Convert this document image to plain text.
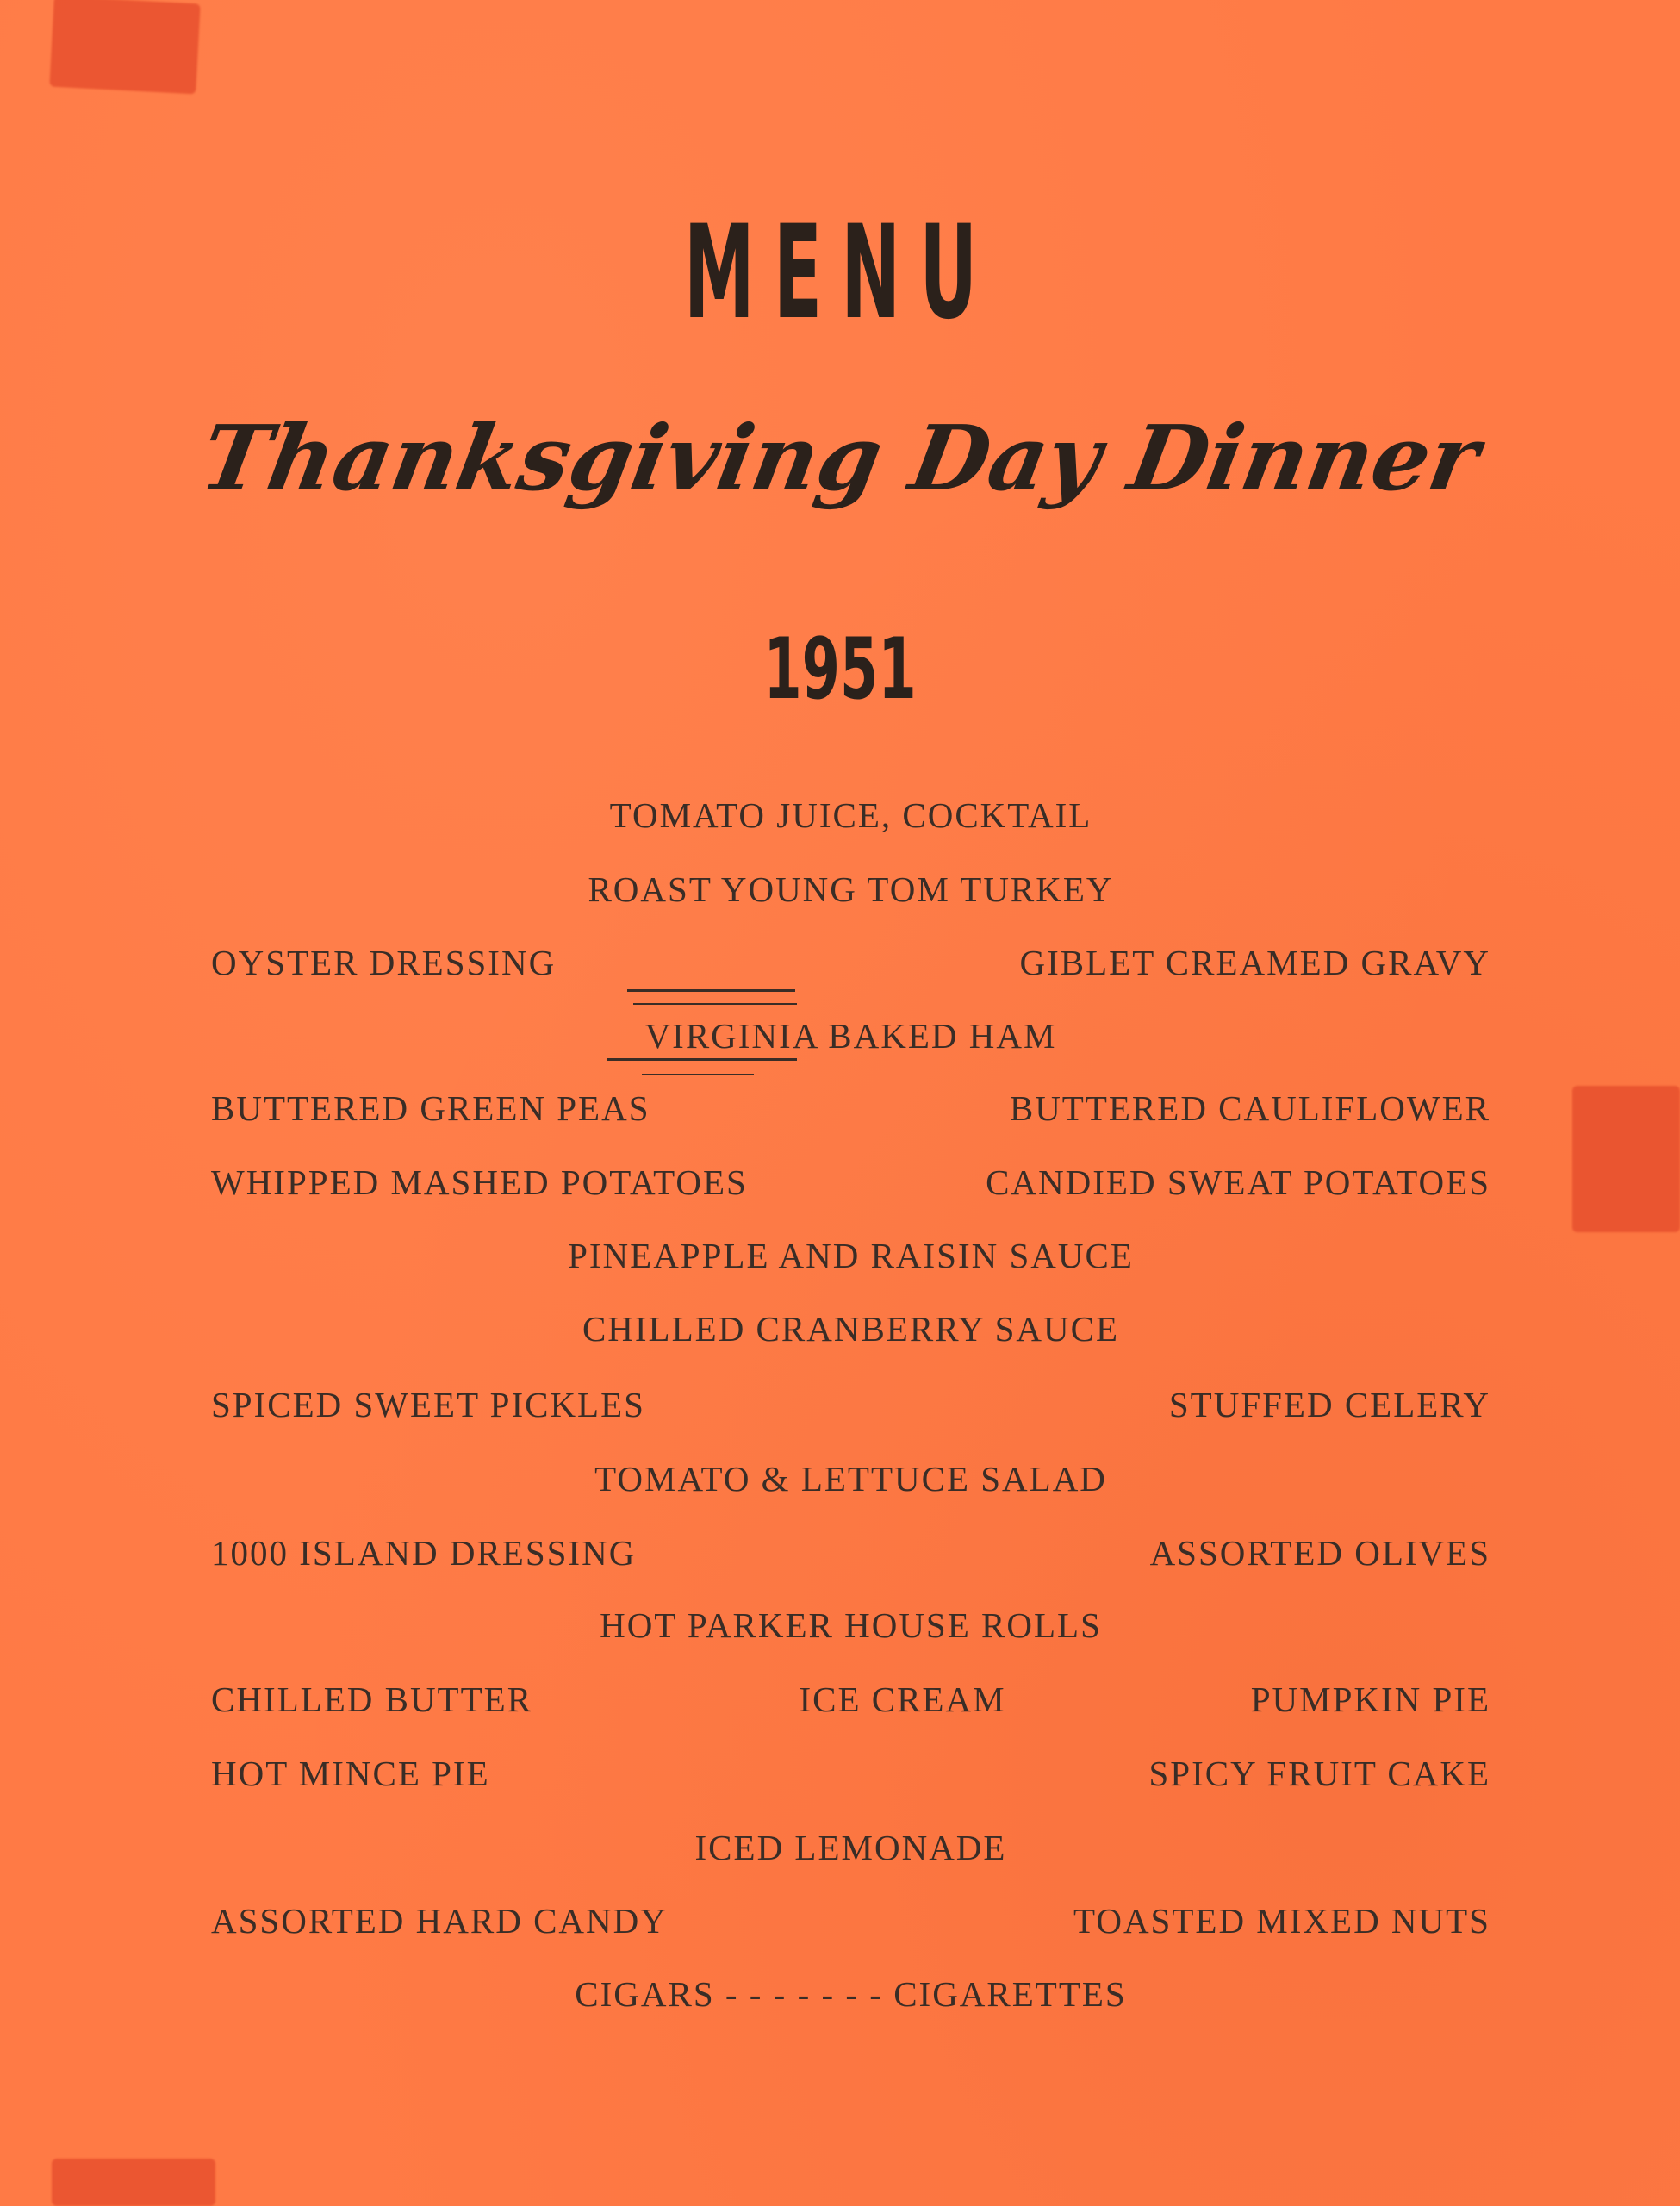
MENU
Thanksgiving Day Dinner
1951
TOMATO JUICE, COCKTAIL
ROAST YOUNG TOM TURKEY
OYSTER DRESSING	GIBLET CREAMED GRAVY
VIRGINIA BAKED HAM
BUTTERED GREEN PEAS	BUTTERED CAULIFLOWER
WHIPPED MASHED POTATOES	CANDIED SWEAT POTATOES
PINEAPPLE AND RAISIN SAUCE
CHILLED CRANBERRY SAUCE
SPICED SWEET PICKLES	STUFFED CELERY
TOMATO & LETTUCE SALAD
1000 ISLAND DRESSING	ASSORTED OLIVES
HOT PARKER HOUSE ROLLS
CHILLED BUTTER	ICE CREAM	PUMPKIN PIE
HOT MINCE PIE	SPICY FRUIT CAKE
ICED LEMONADE
ASSORTED HARD CANDY	TOASTED MIXED NUTS
CIGARS - - - - - - - CIGARETTES
